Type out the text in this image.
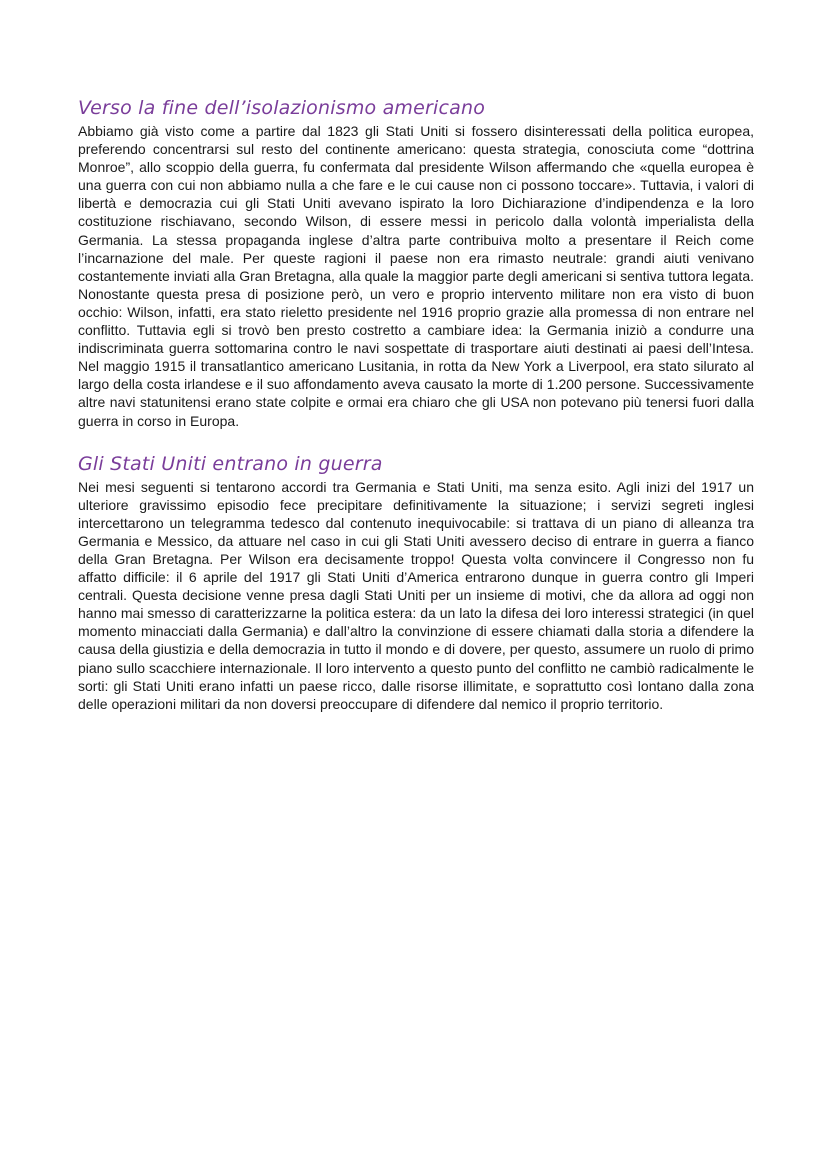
Verso la fine dell’isolazionismo americano

Abbiamo già visto come a partire dal 1823 gli Stati Uniti si fossero disinteressati della politica europea, preferendo concentrarsi sul resto del continente americano: questa strategia, conosciuta come “dottrina Monroe”, allo scoppio della guerra, fu confermata dal presidente Wilson affermando che «quella europea è una guerra con cui non abbiamo nulla a che fare e le cui cause non ci possono toccare». Tuttavia, i valori di libertà e democrazia cui gli Stati Uniti avevano ispirato la loro Dichiarazione d’indipendenza e la loro costituzione rischiavano, secondo Wilson, di essere messi in pericolo dalla volontà imperialista della Germania. La stessa propaganda inglese d’altra parte contribuiva molto a presentare il Reich come l’incarnazione del male. Per queste ragioni il paese non era rimasto neutrale: grandi aiuti venivano costantemente inviati alla Gran Bretagna, alla quale la maggior parte degli americani si sentiva tuttora legata. Nonostante questa presa di posizione però, un vero e proprio intervento militare non era visto di buon occhio: Wilson, infatti, era stato rieletto presidente nel 1916 proprio grazie alla promessa di non entrare nel conflitto. Tuttavia egli si trovò ben presto costretto a cambiare idea: la Germania iniziò a condurre una indiscriminata guerra sottomarina contro le navi sospettate di trasportare aiuti destinati ai paesi dell’Intesa. Nel maggio 1915 il transatlantico americano Lusitania, in rotta da New York a Liverpool, era stato silurato al largo della costa irlandese e il suo affondamento aveva causato la morte di 1.200 persone. Successivamente altre navi statunitensi erano state colpite e ormai era chiaro che gli USA non potevano più tenersi fuori dalla guerra in corso in Europa.

Gli Stati Uniti entrano in guerra

Nei mesi seguenti si tentarono accordi tra Germania e Stati Uniti, ma senza esito. Agli inizi del 1917 un ulteriore gravissimo episodio fece precipitare definitivamente la situazione; i servizi segreti inglesi intercettarono un telegramma tedesco dal contenuto inequivocabile: si trattava di un piano di alleanza tra Germania e Messico, da attuare nel caso in cui gli Stati Uniti avessero deciso di entrare in guerra a fianco della Gran Bretagna. Per Wilson era decisamente troppo! Questa volta convincere il Congresso non fu affatto difficile: il 6 aprile del 1917 gli Stati Uniti d’America entrarono dunque in guerra contro gli Imperi centrali. Questa decisione venne presa dagli Stati Uniti per un insieme di motivi, che da allora ad oggi non hanno mai smesso di caratterizzarne la politica estera: da un lato la difesa dei loro interessi strategici (in quel momento minacciati dalla Germania) e dall’altro la convinzione di essere chiamati dalla storia a difendere la causa della giustizia e della democrazia in tutto il mondo e di dovere, per questo, assumere un ruolo di primo piano sullo scacchiere internazionale. Il loro intervento a questo punto del conflitto ne cambiò radicalmente le sorti: gli Stati Uniti erano infatti un paese ricco, dalle risorse illimitate, e soprattutto così lontano dalla zona delle operazioni militari da non doversi preoccupare di difendere dal nemico il proprio territorio.
